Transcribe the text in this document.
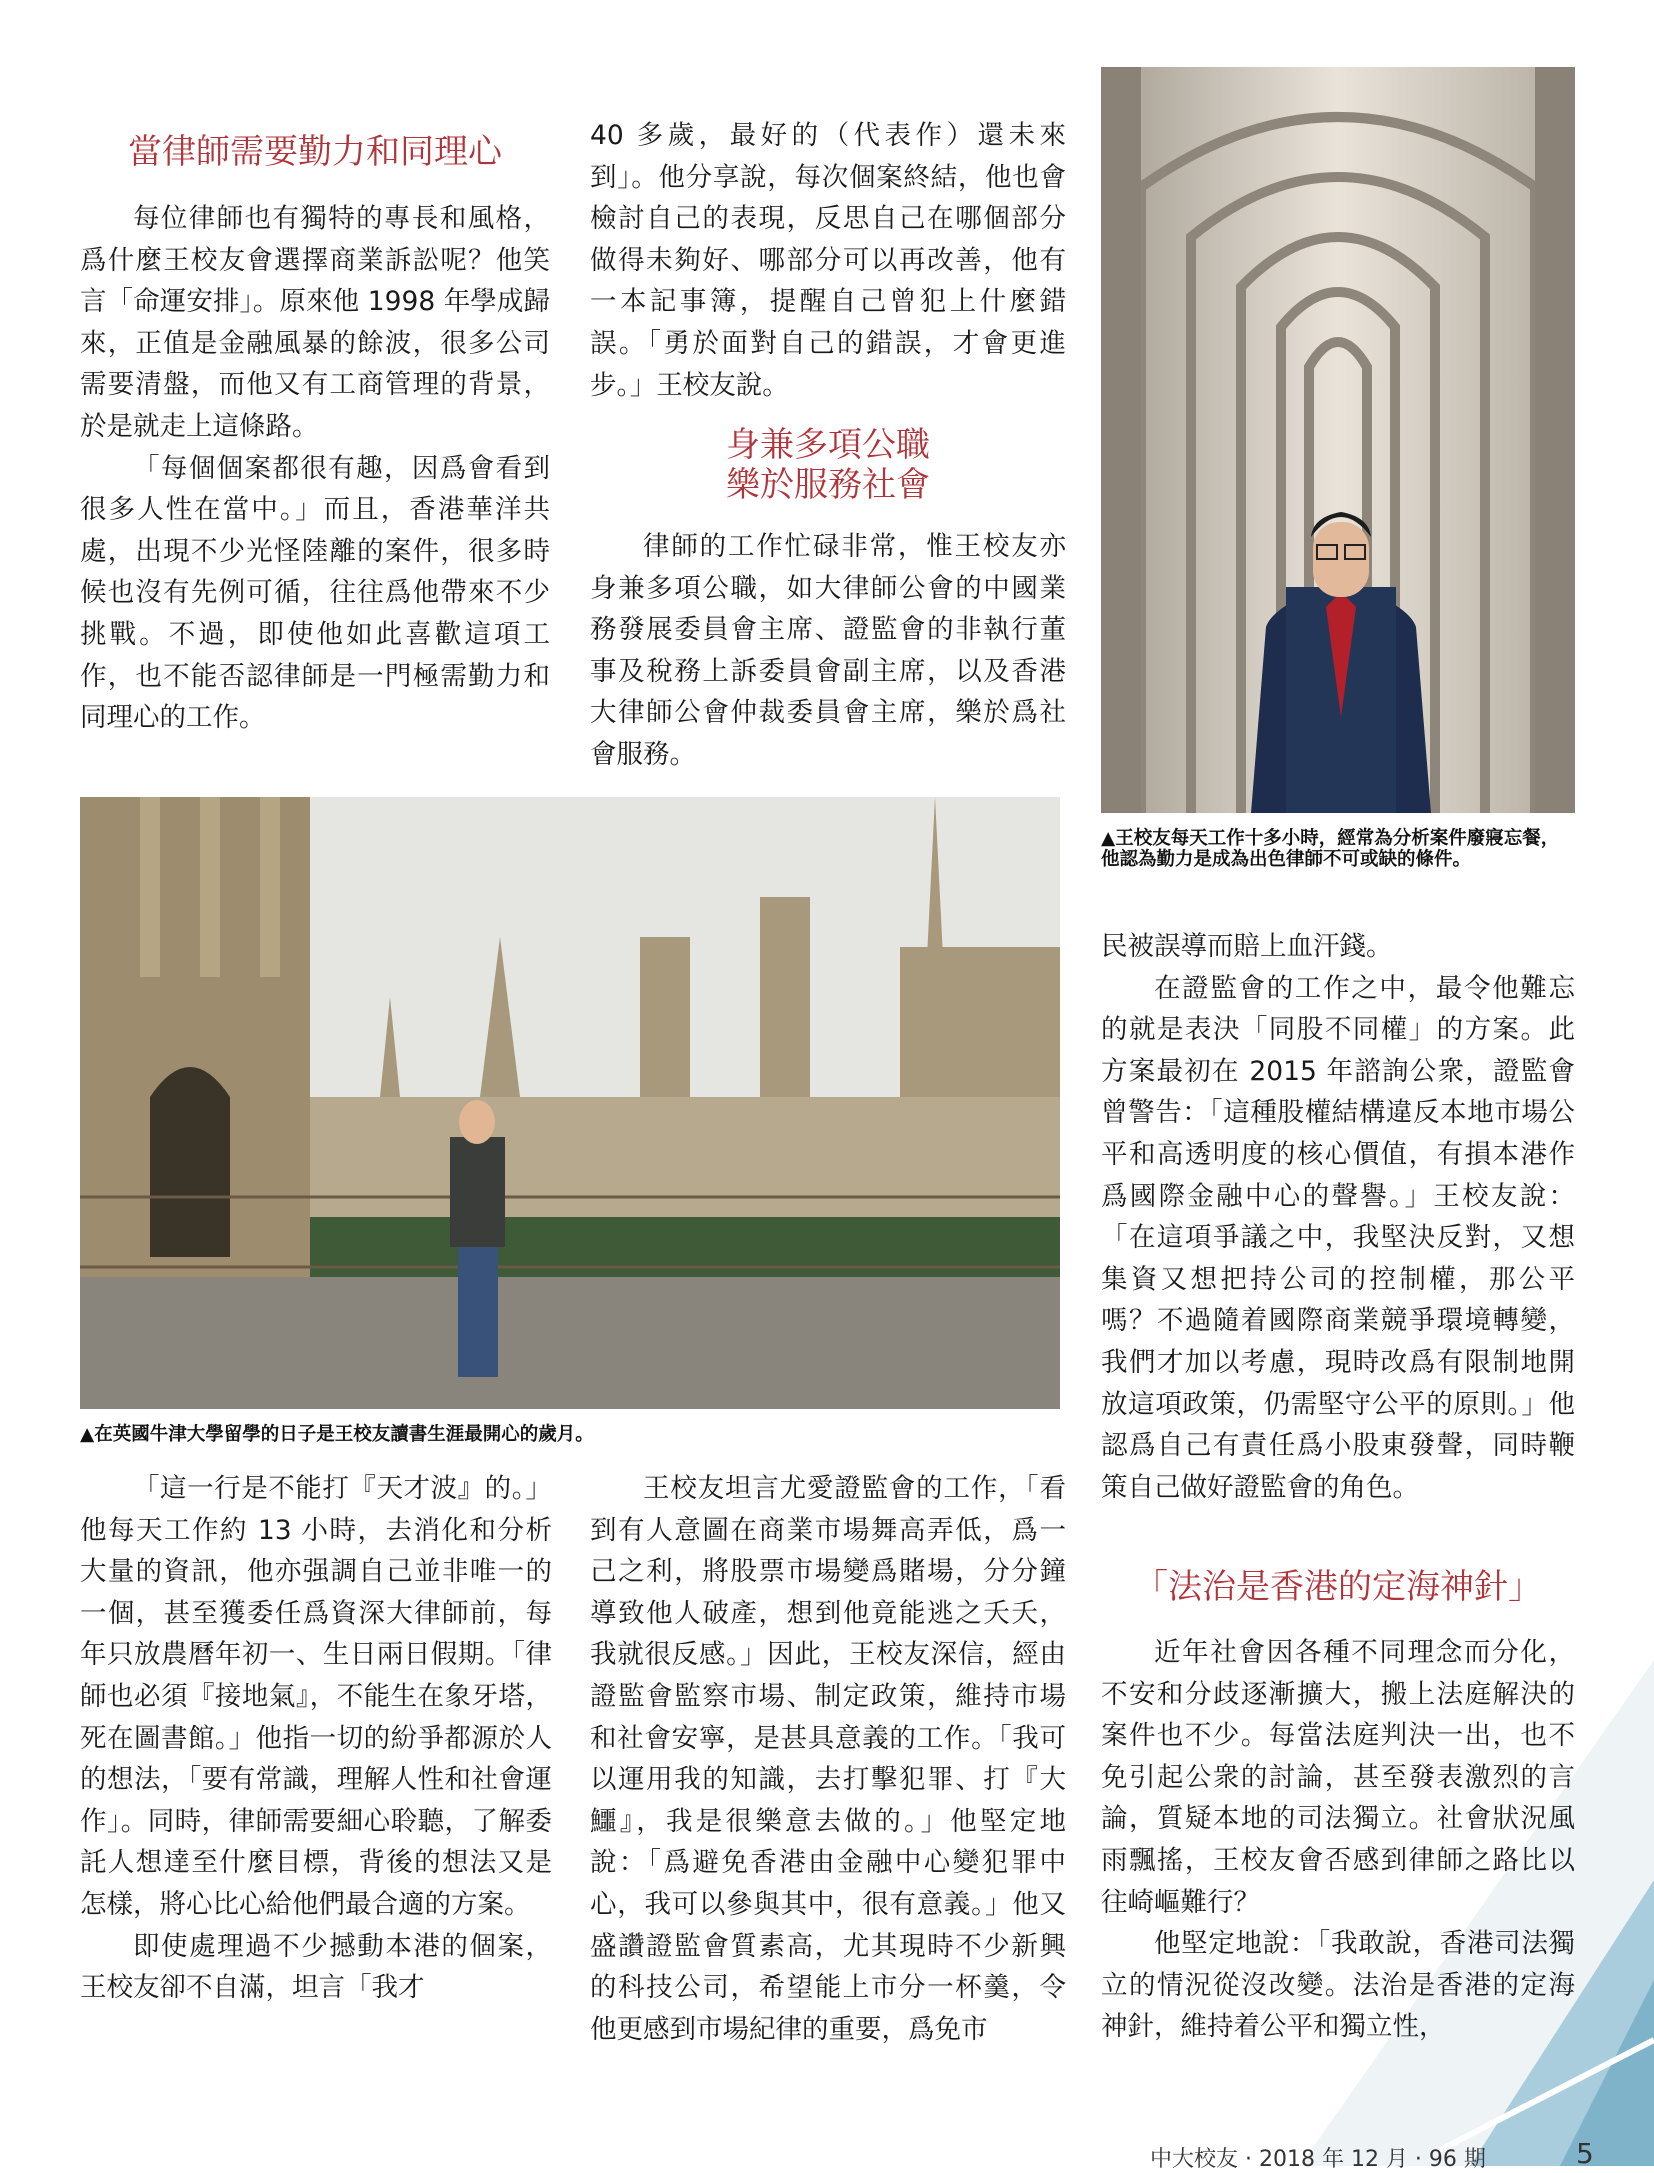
當律師需要勤力和同理心

每位律師也有獨特的專長和風格，爲什麼王校友會選擇商業訴訟呢？他笑言「命運安排」。原來他 1998 年學成歸來，正值是金融風暴的餘波，很多公司需要清盤，而他又有工商管理的背景，於是就走上這條路。

「每個個案都很有趣，因爲會看到很多人性在當中。」而且，香港華洋共處，出現不少光怪陸離的案件，很多時候也沒有先例可循，往往爲他帶來不少挑戰。不過，即使他如此喜歡這項工作，也不能否認律師是一門極需勤力和同理心的工作。

40 多歲，最好的（代表作）還未來到」。他分享說，每次個案終結，他也會檢討自己的表現，反思自己在哪個部分做得未夠好、哪部分可以再改善，他有一本記事簿，提醒自己曾犯上什麼錯誤。「勇於面對自己的錯誤，才會更進步。」王校友說。

身兼多項公職
樂於服務社會

律師的工作忙碌非常，惟王校友亦身兼多項公職，如大律師公會的中國業務發展委員會主席、證監會的非執行董事及稅務上訴委員會副主席，以及香港大律師公會仲裁委員會主席，樂於爲社會服務。

▲王校友每天工作十多小時，經常為分析案件廢寢忘餐，他認為勤力是成為出色律師不可或缺的條件。
▲在英國牛津大學留學的日子是王校友讀書生涯最開心的歲月。

「這一行是不能打『天才波』的。」他每天工作約 13 小時，去消化和分析大量的資訊，他亦强調自己並非唯一的一個，甚至獲委任爲資深大律師前，每年只放農曆年初一、生日兩日假期。「律師也必須『接地氣』，不能生在象牙塔，死在圖書館。」他指一切的紛爭都源於人的想法，「要有常識，理解人性和社會運作」。同時，律師需要細心聆聽，了解委託人想達至什麼目標，背後的想法又是怎樣，將心比心給他們最合適的方案。

即使處理過不少撼動本港的個案，王校友卻不自滿，坦言「我才

王校友坦言尤愛證監會的工作，「看到有人意圖在商業市場舞高弄低，爲一己之利，將股票市場變爲賭場，分分鐘導致他人破產，想到他竟能逃之夭夭，我就很反感。」因此，王校友深信，經由證監會監察市場、制定政策，維持市場和社會安寧，是甚具意義的工作。「我可以運用我的知識，去打擊犯罪、打『大鱷』，我是很樂意去做的。」他堅定地說：「爲避免香港由金融中心變犯罪中心，我可以參與其中，很有意義。」他又盛讚證監會質素高，尤其現時不少新興的科技公司，希望能上市分一杯羹，令他更感到市場紀律的重要，爲免市

民被誤導而賠上血汗錢。

在證監會的工作之中，最令他難忘的就是表決「同股不同權」的方案。此方案最初在 2015 年諮詢公衆，證監會曾警告：「這種股權結構違反本地市場公平和高透明度的核心價值，有損本港作爲國際金融中心的聲譽。」王校友說：「在這項爭議之中，我堅決反對，又想集資又想把持公司的控制權，那公平嗎？不過隨着國際商業競爭環境轉變，我們才加以考慮，現時改爲有限制地開放這項政策，仍需堅守公平的原則。」他認爲自己有責任爲小股東發聲，同時鞭策自己做好證監會的角色。

「法治是香港的定海神針」

近年社會因各種不同理念而分化，不安和分歧逐漸擴大，搬上法庭解決的案件也不少。每當法庭判決一出，也不免引起公衆的討論，甚至發表激烈的言論，質疑本地的司法獨立。社會狀況風雨飄搖，王校友會否感到律師之路比以往崎嶇難行？

他堅定地說：「我敢說，香港司法獨立的情況從沒改變。法治是香港的定海神針，維持着公平和獨立性，

中大校友 · 2018 年 12 月 · 96 期	5
